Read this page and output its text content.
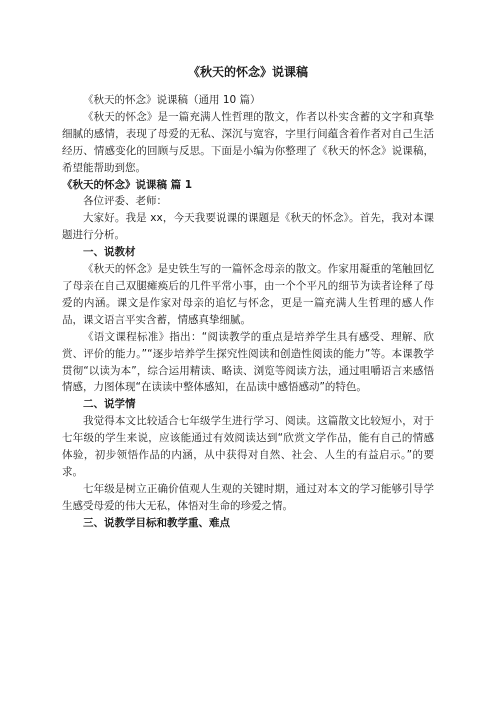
《秋天的怀念》说课稿

《秋天的怀念》说课稿（通用 10 篇）

《秋天的怀念》是一篇充满人性哲理的散文，作者以朴实含蓄的文字和真挚细腻的感情，表现了母爱的无私、深沉与宽容，字里行间蕴含着作者对自己生活经历、情感变化的回顾与反思。下面是小编为你整理了《秋天的怀念》说课稿，希望能帮助到您。

《秋天的怀念》说课稿 篇 1

各位评委、老师：

大家好。我是 xx，今天我要说课的课题是《秋天的怀念》。首先，我对本课题进行分析。

一、说教材

《秋天的怀念》是史铁生写的一篇怀念母亲的散文。作家用凝重的笔触回忆了母亲在自己双腿瘫痪后的几件平常小事，由一个个平凡的细节为读者诠释了母爱的内涵。课文是作家对母亲的追忆与怀念，更是一篇充满人生哲理的感人作品，课文语言平实含蓄，情感真挚细腻。

《语文课程标准》指出：“阅读教学的重点是培养学生具有感受、理解、欣赏、评价的能力。”“逐步培养学生探究性阅读和创造性阅读的能力”等。本课教学贯彻“以读为本”，综合运用精读、略读、浏览等阅读方法，通过咀嚼语言来感悟情感，力图体现“在读读中整体感知，在品读中感悟感动”的特色。

二、说学情

我觉得本文比较适合七年级学生进行学习、阅读。这篇散文比较短小，对于七年级的学生来说，应该能通过有效阅读达到“欣赏文学作品，能有自己的情感体验，初步领悟作品的内涵，从中获得对自然、社会、人生的有益启示。”的要求。

七年级是树立正确价值观人生观的关键时期，通过对本文的学习能够引导学生感受母爱的伟大无私，体悟对生命的珍爱之情。

三、说教学目标和教学重、难点
